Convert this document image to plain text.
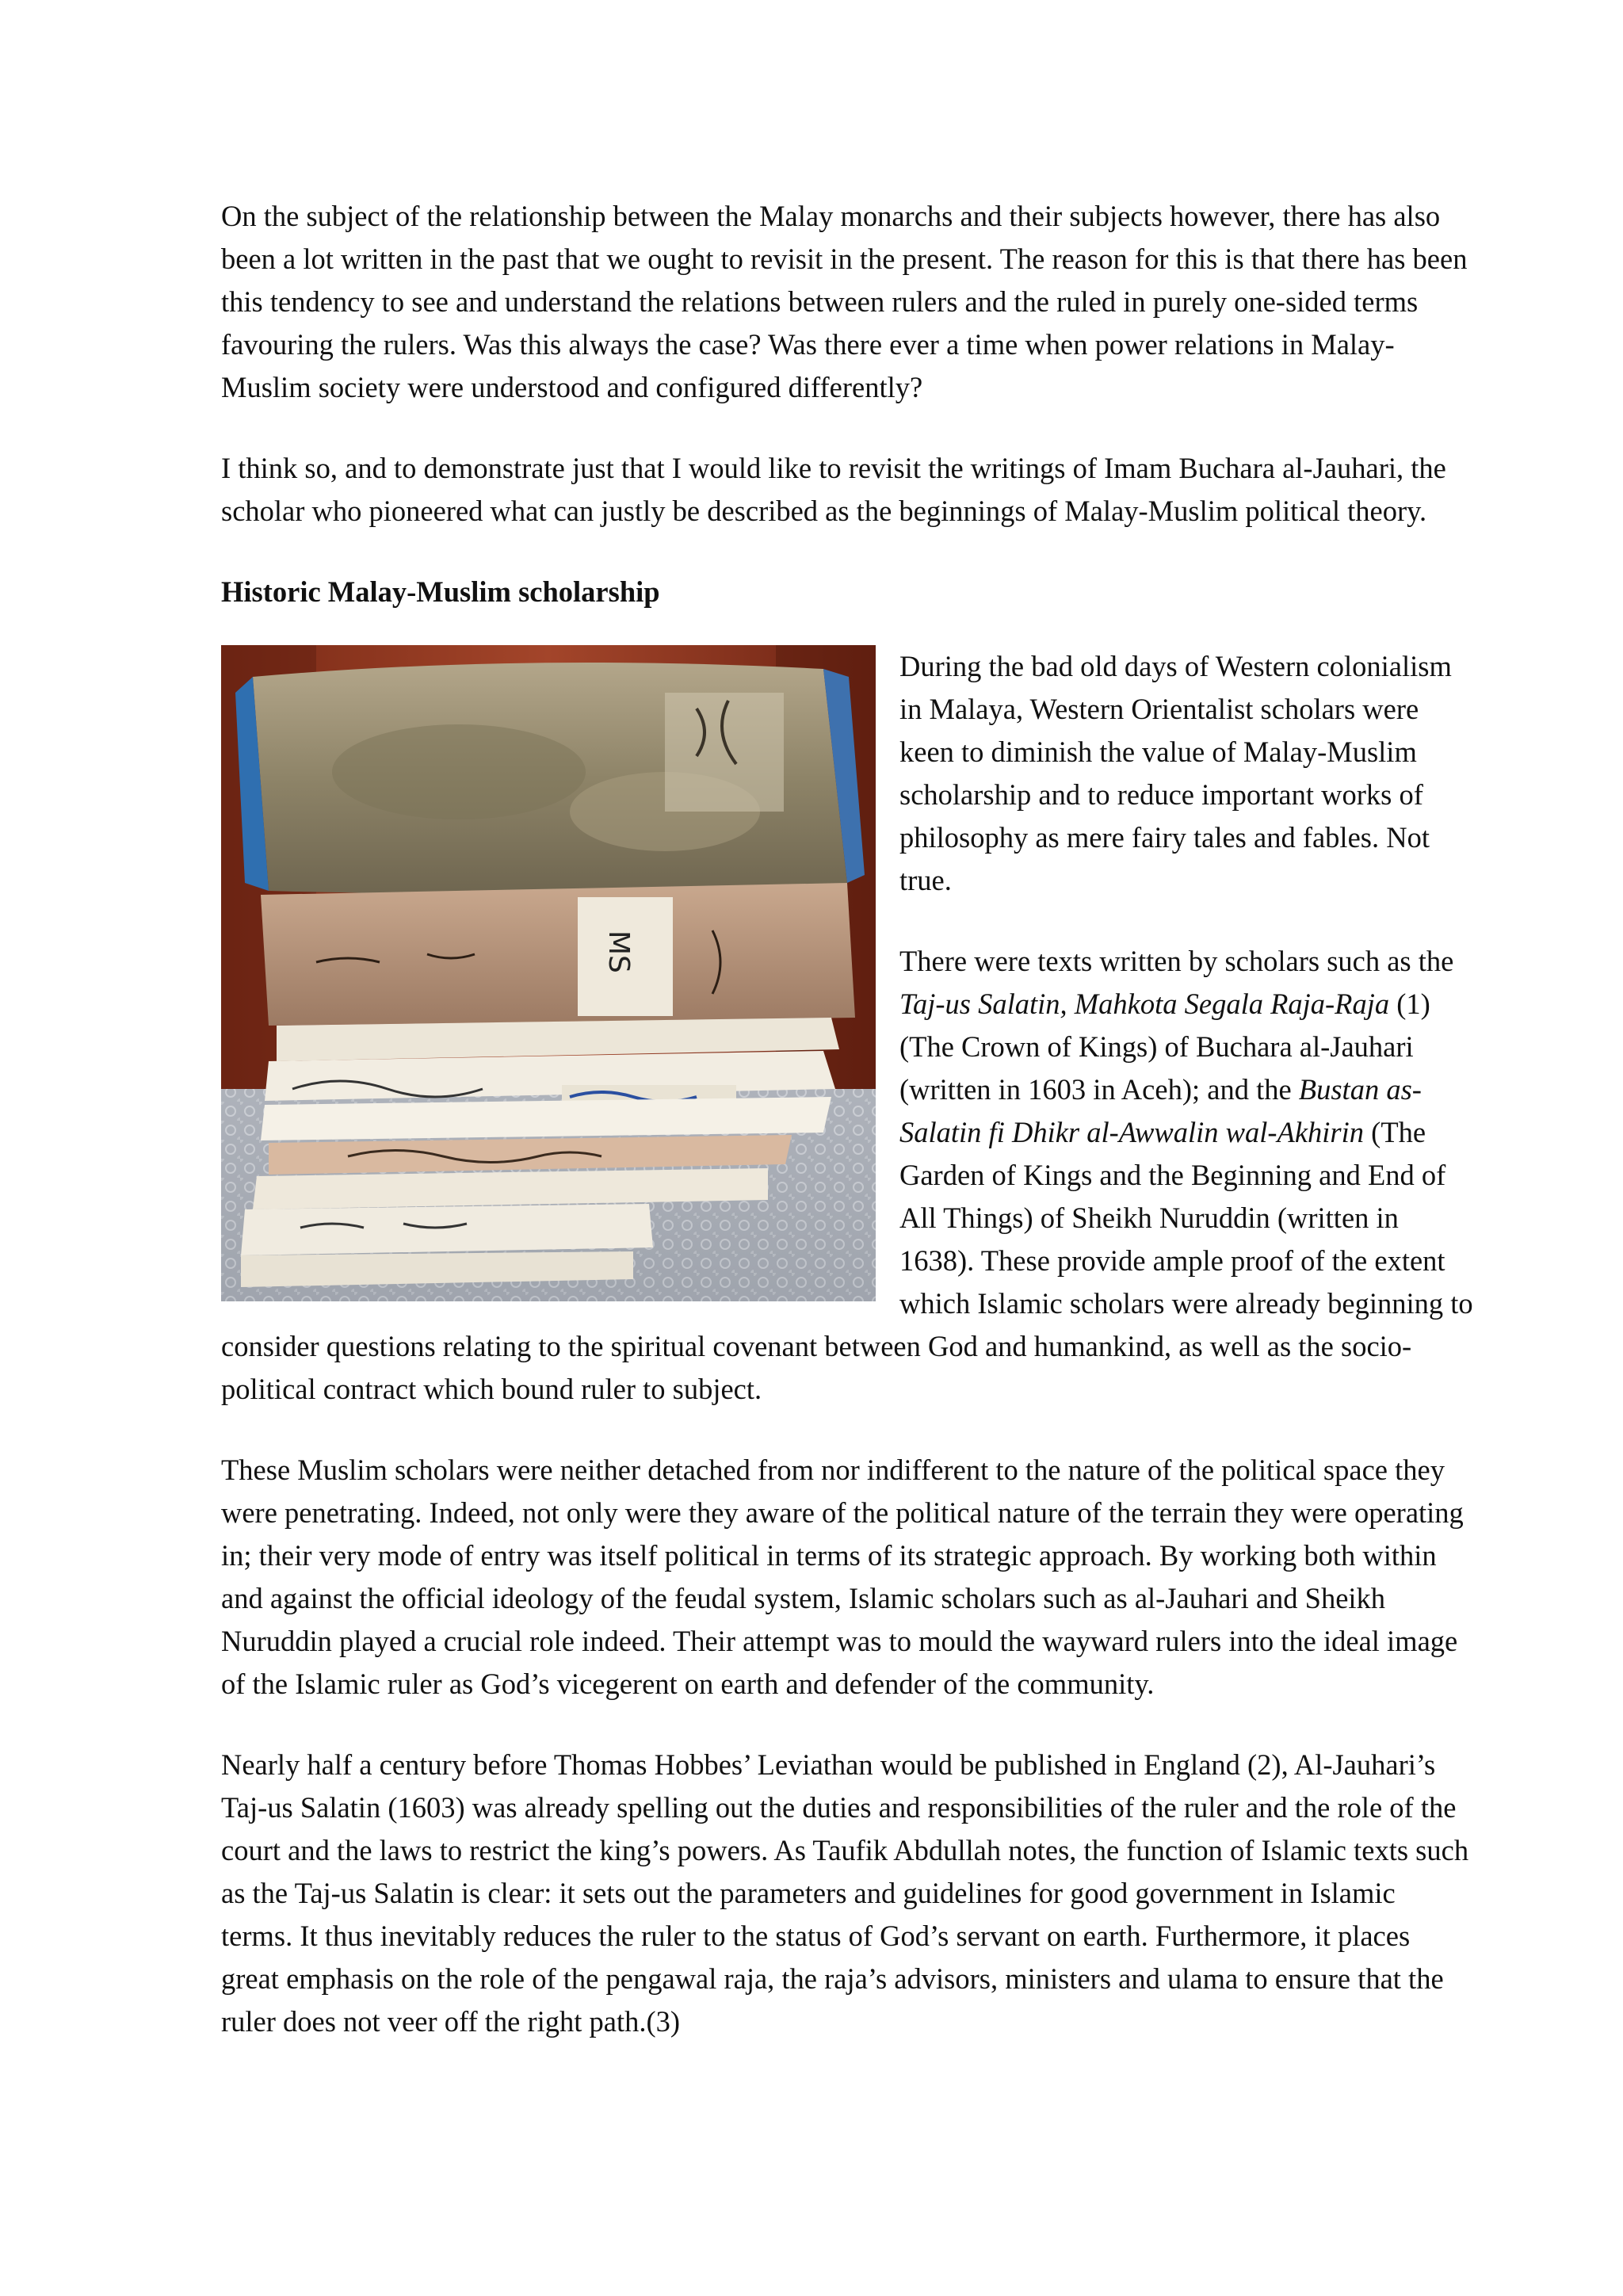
On the subject of the relationship between the Malay monarchs and their subjects however, there has also been a lot written in the past that we ought to revisit in the present. The reason for this is that there has been this tendency to see and understand the relations between rulers and the ruled in purely one-sided terms favouring the rulers. Was this always the case? Was there ever a time when power relations in Malay-Muslim society were understood and configured differently?

I think so, and to demonstrate just that I would like to revisit the writings of Imam Buchara al-Jauhari, the scholar who pioneered what can justly be described as the beginnings of Malay-Muslim political theory.

Historic Malay-Muslim scholarship

MS

During the bad old days of Western colonialism in Malaya, Western Orientalist scholars were keen to diminish the value of Malay-Muslim scholarship and to reduce important works of philosophy as mere fairy tales and fables. Not true.

There were texts written by scholars such as the Taj-us Salatin, Mahkota Segala Raja-Raja (1) (The Crown of Kings) of Buchara al-Jauhari (written in 1603 in Aceh); and the Bustan as-Salatin fi Dhikr al-Awwalin wal-Akhirin (The Garden of Kings and the Beginning and End of All Things) of Sheikh Nuruddin (written in 1638). These provide ample proof of the extent which Islamic scholars were already beginning to consider questions relating to the spiritual covenant between God and humankind, as well as the socio-political contract which bound ruler to subject.

These Muslim scholars were neither detached from nor indifferent to the nature of the political space they were penetrating. Indeed, not only were they aware of the political nature of the terrain they were operating in; their very mode of entry was itself political in terms of its strategic approach. By working both within and against the official ideology of the feudal system, Islamic scholars such as al-Jauhari and Sheikh Nuruddin played a crucial role indeed. Their attempt was to mould the wayward rulers into the ideal image of the Islamic ruler as God’s vicegerent on earth and defender of the community.

Nearly half a century before Thomas Hobbes’ Leviathan would be published in England (2), Al-Jauhari’s Taj-us Salatin (1603) was already spelling out the duties and responsibilities of the ruler and the role of the court and the laws to restrict the king’s powers. As Taufik Abdullah notes, the function of Islamic texts such as the Taj-us Salatin is clear: it sets out the parameters and guidelines for good government in Islamic terms. It thus inevitably reduces the ruler to the status of God’s servant on earth. Furthermore, it places great emphasis on the role of the pengawal raja, the raja’s advisors, ministers and ulama to ensure that the ruler does not veer off the right path.(3)
